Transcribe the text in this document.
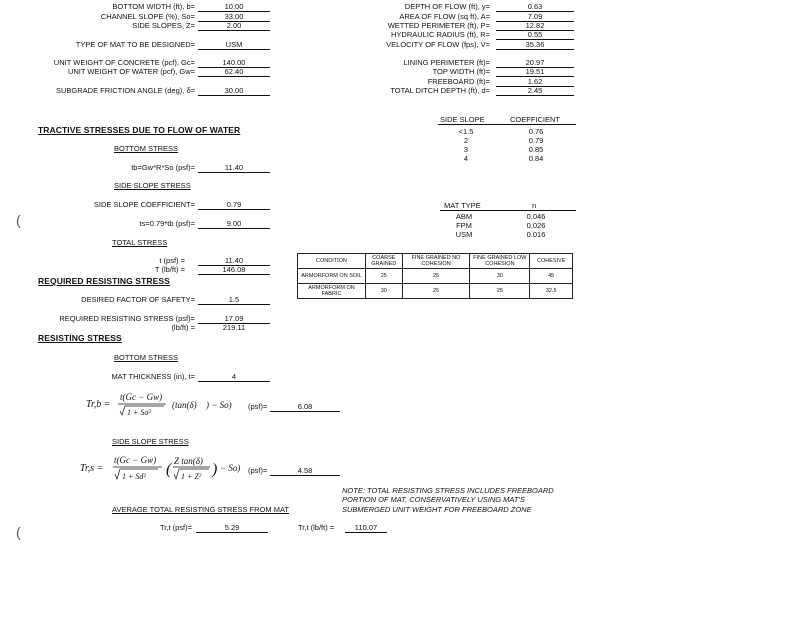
BOTTOM WIDTH (ft), b=	10.00
CHANNEL SLOPE (%), So=	33.00
SIDE SLOPES, Z=	2.00
TYPE OF MAT TO BE DESIGNED=	USM
UNIT WEIGHT OF CONCRETE (pcf), Gc=	140.00
UNIT WEIGHT OF WATER (pcf), Gw=	62.40
SUBGRADE FRICTION ANGLE (deg), δ=	30.00
DEPTH OF FLOW (ft), y=	0.63
AREA OF FLOW (sq ft), A=	7.09
WETTED PERIMETER (ft), P=	12.82
HYDRAULIC RADIUS (ft), R=	0.55
VELOCITY OF FLOW (fps), V=	35.36
LINING PERIMETER (ft)=	20.97
TOP WIDTH (ft)=	19.51
FREEBOARD (ft)=	1.62
TOTAL DITCH DEPTH (ft), d=	2.45
TRACTIVE STRESSES DUE TO FLOW OF WATER
BOTTOM STRESS
tb=Gw*R*So (psf)=	11.40
SIDE SLOPE STRESS
SIDE SLOPE COEFFICIENT=	0.79
ts=0.79*tb (psf)=	9.00
TOTAL STRESS
t (psf) =	11.40
T (lb/ft) =	146.08
SIDE SLOPE	COEFFICIENT
<1.5	0.76
2	0.79
3	0.85
4	0.84
MAT TYPE	n
ABM	0.046
FPM	0.026
USM	0.016
CONDITION	COARSE GRAINED	FINE GRAINED NO COHESION	FINE GRAINED LOW COHESION	COHESIVE
ARMORFORM ON SOIL	25	25	30	45
ARMORFORM ON FABRIC	30	25	25	32.5
REQUIRED RESISTING STRESS
DESIRED FACTOR OF SAFETY=	1.5
REQUIRED RESISTING STRESS (psf)=	17.09
(lb/ft) =	219.11
RESISTING STRESS
BOTTOM STRESS
MAT THICKNESS (in), t=	4
Tr,b =
t(Gc − Gw)
1 + So²
(tan(δ) ) − So) (psf)=	6.08
SIDE SLOPE STRESS
Tr,s =
t(Gc − Gw)
1 + Sd² ( Z tan(δ)
1 + Z² ) − So) (psf)=	4.58
NOTE: TOTAL RESISTING STRESS INCLUDES FREEBOARD
PORTION OF MAT, CONSERVATIVELY USING MAT'S
SUBMERGED UNIT WEIGHT FOR FREEBOARD ZONE
AVERAGE TOTAL RESISTING STRESS FROM MAT
Tr,t (psf)=	5.29	Tr,t (lb/ft) =	110.07
(
(
